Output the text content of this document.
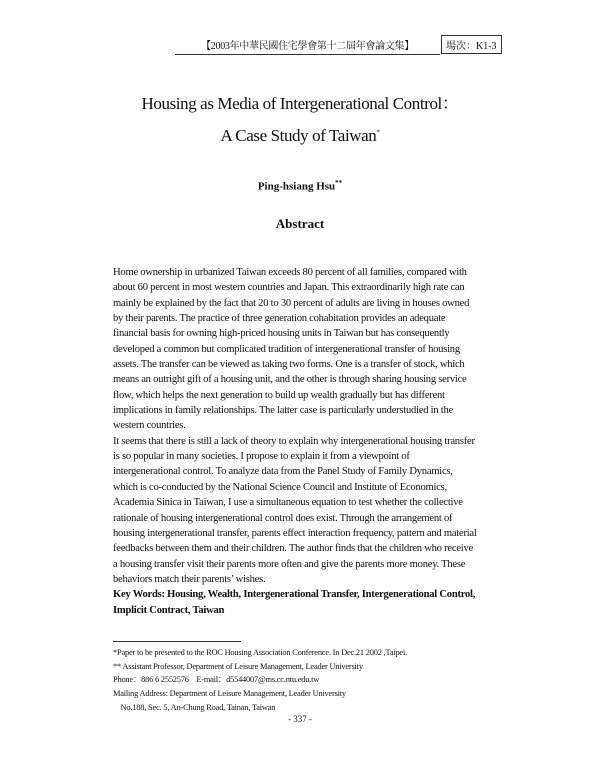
【2003年中華民國住宅學會第十二屆年會論文集】	場次：K1-3
Housing as Media of Intergenerational Control：
A Case Study of Taiwan*
Ping-hsiang Hsu**
Abstract
Home ownership in urbanized Taiwan exceeds 80 percent of all families, compared with
about 60 percent in most western countries and Japan. This extraordinarily high rate can
mainly be explained by the fact that 20 to 30 percent of adults are living in houses owned
by their parents. The practice of three generation cohabitation provides an adequate
financial basis for owning high-priced housing units in Taiwan but has consequently
developed a common but complicated tradition of intergenerational transfer of housing
assets. The transfer can be viewed as taking two forms. One is a transfer of stock, which
means an outright gift of a housing unit, and the other is through sharing housing service
flow, which helps the next generation to build up wealth gradually but has different
implications in family relationships. The latter case is particularly understudied in the
western countries.
It seems that there is still a lack of theory to explain why intergenerational housing transfer
is so popular in many societies. I propose to explain it from a viewpoint of
intergenerational control. To analyze data from the Panel Study of Family Dynamics,
which is co-conducted by the National Science Council and Institute of Economics,
Academia Sinica in Taiwan, I use a simultaneous equation to test whether the collective
rationale of housing intergenerational control does exist. Through the arrangement of
housing intergenerational transfer, parents effect interaction frequency, pattern and material
feedbacks between them and their children. The author finds that the children who receive
a housing transfer visit their parents more often and give the parents more money. These
behaviors match their parents’ wishes.
Key Words: Housing, Wealth, Intergenerational Transfer, Intergenerational Control,
Implicit Contract, Taiwan
*Paper to be presented to the ROC Housing Association Conference. In Dec.21 2002 ,Taipei.
** Assistant Professor, Department of Leisure Management, Leader University
Phone：886 6 2552576    E-mail：d5544007@ms.cc.ntu.edu.tw
Mailing Address: Department of Leisure Management, Leader University
No.188, Sec. 5, An-Chung Road, Tainan, Taiwan
- 337 -
